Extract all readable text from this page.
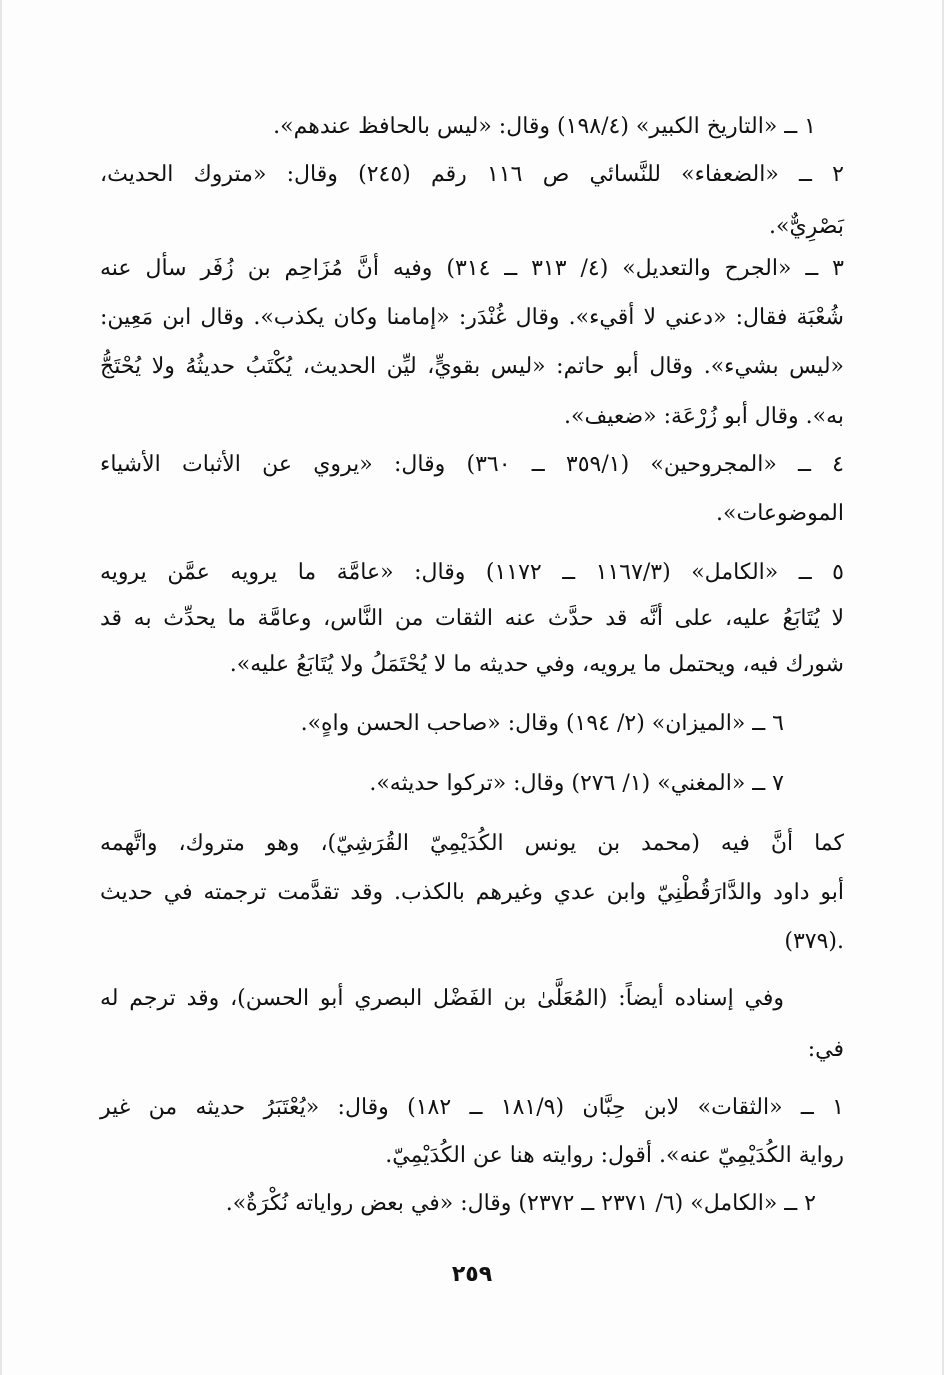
١ ــ «التاريخ الكبير» (١٩٨/٤) وقال: «ليس بالحافظ عندهم».
٢ ــ «الضعفاء» للنَّسائي ص ١١٦ رقم (٢٤٥) وقال: «متروك الحديث،
بَصْرِيٌّ».
٣ ــ «الجرح والتعديل» (٤/ ٣١٣ ــ ٣١٤) وفيه أنَّ مُزَاحِم بن زُفَر سأل عنه
شُعْبَة فقال: «دعني لا أقيء». وقال غُنْدَر: «إمامنا وكان يكذب». وقال ابن مَعِين:
«ليس بشيء». وقال أبو حاتم: «ليس بقويٍّ، ليِّن الحديث، يُكْتَبُ حديثُهُ ولا يُحْتَجُّ
به». وقال أبو زُرْعَة: «ضعيف».
٤ ــ «المجروحين» (٣٥٩/١ ــ ٣٦٠) وقال: «يروي عن الأثبات الأشياء
الموضوعات».
٥ ــ «الكامل» (١١٦٧/٣ ــ ١١٧٢) وقال: «عامَّة ما يرويه عمَّن يرويه
لا يُتَابَعُ عليه، على أنَّه قد حدَّث عنه الثقات من النَّاس، وعامَّة ما يحدِّث به قد
شورك فيه، ويحتمل ما يرويه، وفي حديثه ما لا يُحْتَمَلُ ولا يُتَابَعُ عليه».
٦ ــ «الميزان» (٢/ ١٩٤) وقال: «صاحب الحسن واهٍ».
٧ ــ «المغني» (١/ ٢٧٦) وقال: «تركوا حديثه».
كما أنَّ فيه (محمد بن يونس الكُدَيْمِيّ القُرَشِيّ)، وهو متروك، واتَّهمه
أبو داود والدَّارَقُطْنِيّ وابن عدي وغيرهم بالكذب. وقد تقدَّمت ترجمته في حديث
(٣٧٩).
وفي إسناده أيضاً: (المُعَلَّىٰ بن الفَضْل البصري أبو الحسن)، وقد ترجم له
في:
١ ــ «الثقات» لابن حِبَّان (١٨١/٩ ــ ١٨٢) وقال: «يُعْتَبَرُ حديثه من غير
رواية الكُدَيْمِيّ عنه». أقول: روايته هنا عن الكُدَيْمِيّ.
٢ ــ «الكامل» (٦/ ٢٣٧١ ــ ٢٣٧٢) وقال: «في بعض رواياته نُكْرَةٌ».
٢٥٩
